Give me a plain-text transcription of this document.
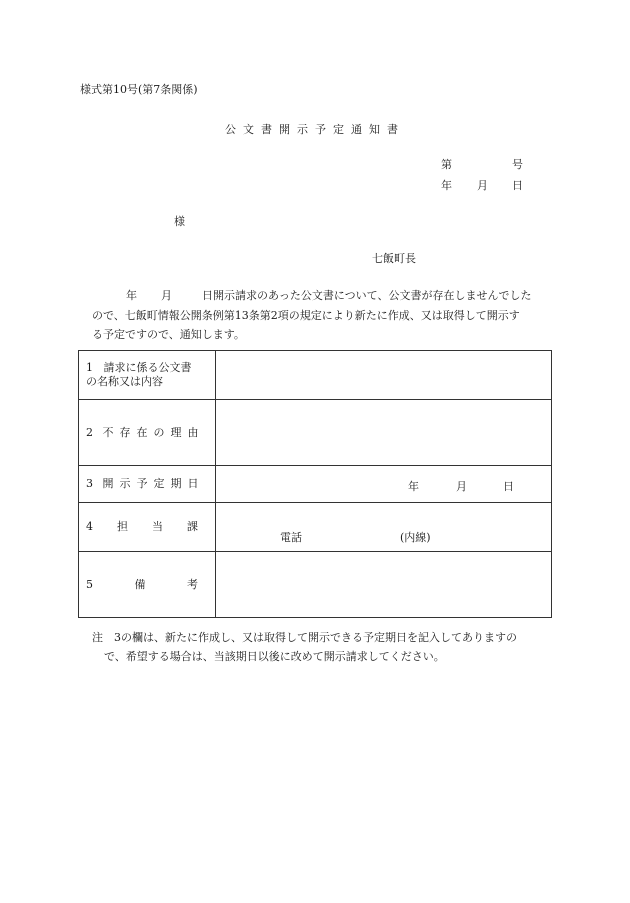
様式第10号(第7条関係)
公文書開示予定通知書
第	号
年 月 日
様
七飯町長
年 月	日開示請求のあった公文書について、公文書が存在しませんでした
ので、七飯町情報公開条例第13条第2項の規定により新たに作成、又は取得して開示す
る予定ですので、通知します。
1 請求に係る公文書
の名称又は内容	
2 不 存 在 の 理 由	
3 開 示 予 定 期 日	年 月 日

4 担 当 課	電話 (内線)

5 備 考	

注　3の欄は、新たに作成し、又は取得して開示できる予定期日を記入してありますの
で、希望する場合は、当該期日以後に改めて開示請求してください。
